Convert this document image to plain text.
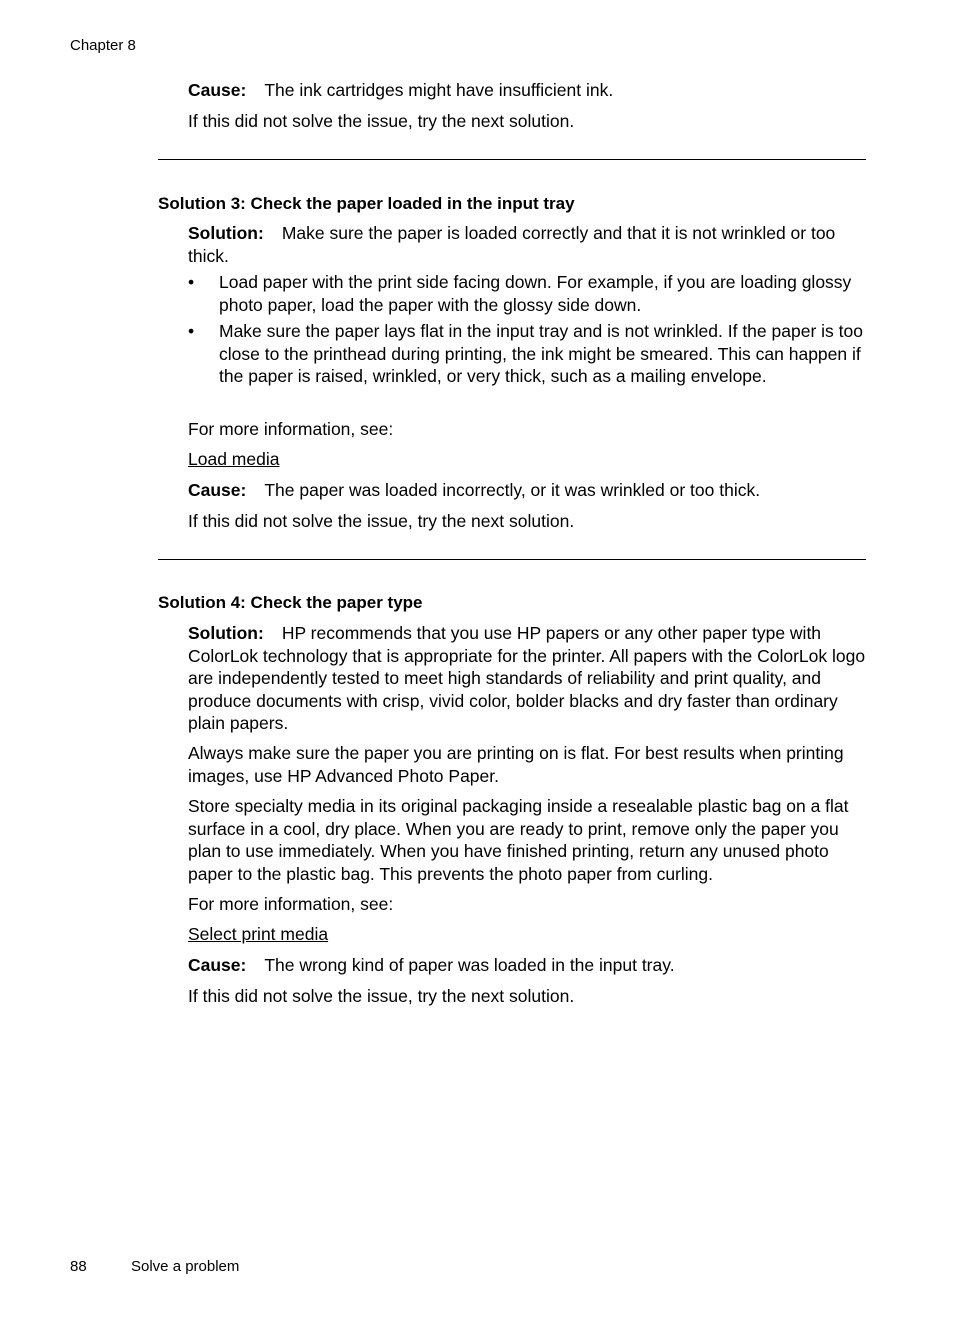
Chapter 8

Cause: The ink cartridges might have insufficient ink.

If this did not solve the issue, try the next solution.

Solution 3: Check the paper loaded in the input tray

Solution: Make sure the paper is loaded correctly and that it is not wrinkled or too thick.

•	Load paper with the print side facing down. For example, if you are loading glossy photo paper, load the paper with the glossy side down.
•	Make sure the paper lays flat in the input tray and is not wrinkled. If the paper is too close to the printhead during printing, the ink might be smeared. This can happen if the paper is raised, wrinkled, or very thick, such as a mailing envelope.

For more information, see:

Load media

Cause: The paper was loaded incorrectly, or it was wrinkled or too thick.

If this did not solve the issue, try the next solution.

Solution 4: Check the paper type

Solution: HP recommends that you use HP papers or any other paper type with ColorLok technology that is appropriate for the printer. All papers with the ColorLok logo are independently tested to meet high standards of reliability and print quality, and produce documents with crisp, vivid color, bolder blacks and dry faster than ordinary plain papers.

Always make sure the paper you are printing on is flat. For best results when printing images, use HP Advanced Photo Paper.

Store specialty media in its original packaging inside a resealable plastic bag on a flat surface in a cool, dry place. When you are ready to print, remove only the paper you plan to use immediately. When you have finished printing, return any unused photo paper to the plastic bag. This prevents the photo paper from curling.

For more information, see:

Select print media

Cause: The wrong kind of paper was loaded in the input tray.

If this did not solve the issue, try the next solution.

88	Solve a problem
